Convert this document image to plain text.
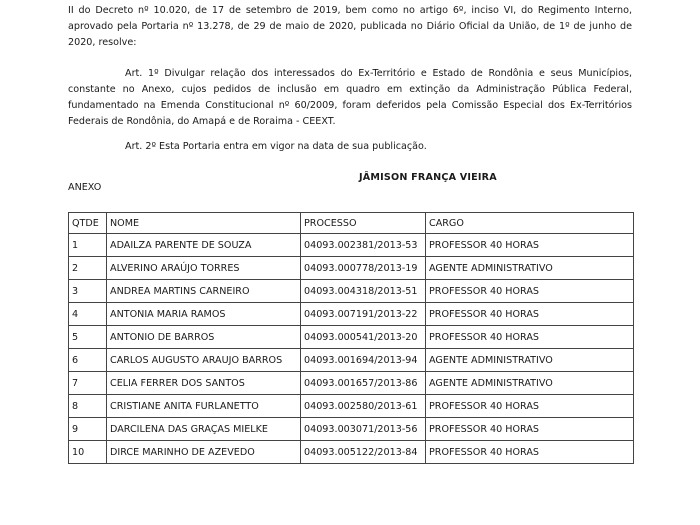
II do Decreto nº 10.020, de 17 de setembro de 2019, bem como no artigo 6º, inciso VI, do Regimento Interno, aprovado pela Portaria nº 13.278, de 29 de maio de 2020, publicada no Diário Oficial da União, de 1º de junho de 2020, resolve:

Art. 1º Divulgar relação dos interessados do Ex-Território e Estado de Rondônia e seus Municípios, constante no Anexo, cujos pedidos de inclusão em quadro em extinção da Administração Pública Federal, fundamentado na Emenda Constitucional nº 60/2009, foram deferidos pela Comissão Especial dos Ex-Territórios Federais de Rondônia, do Amapá e de Roraima - CEEXT.

Art. 2º Esta Portaria entra em vigor na data de sua publicação.

JÂMISON FRANÇA VIEIRA
ANEXO
QTDE	NOME	PROCESSO	CARGO
1	ADAILZA PARENTE DE SOUZA	04093.002381/2013-53	PROFESSOR 40 HORAS
2	ALVERINO ARAÚJO TORRES	04093.000778/2013-19	AGENTE ADMINISTRATIVO
3	ANDREA MARTINS CARNEIRO	04093.004318/2013-51	PROFESSOR 40 HORAS
4	ANTONIA MARIA RAMOS	04093.007191/2013-22	PROFESSOR 40 HORAS
5	ANTONIO DE BARROS	04093.000541/2013-20	PROFESSOR 40 HORAS
6	CARLOS AUGUSTO ARAUJO BARROS	04093.001694/2013-94	AGENTE ADMINISTRATIVO
7	CELIA FERRER DOS SANTOS	04093.001657/2013-86	AGENTE ADMINISTRATIVO
8	CRISTIANE ANITA FURLANETTO	04093.002580/2013-61	PROFESSOR 40 HORAS
9	DARCILENA DAS GRAÇAS MIELKE	04093.003071/2013-56	PROFESSOR 40 HORAS
10	DIRCE MARINHO DE AZEVEDO	04093.005122/2013-84	PROFESSOR 40 HORAS
